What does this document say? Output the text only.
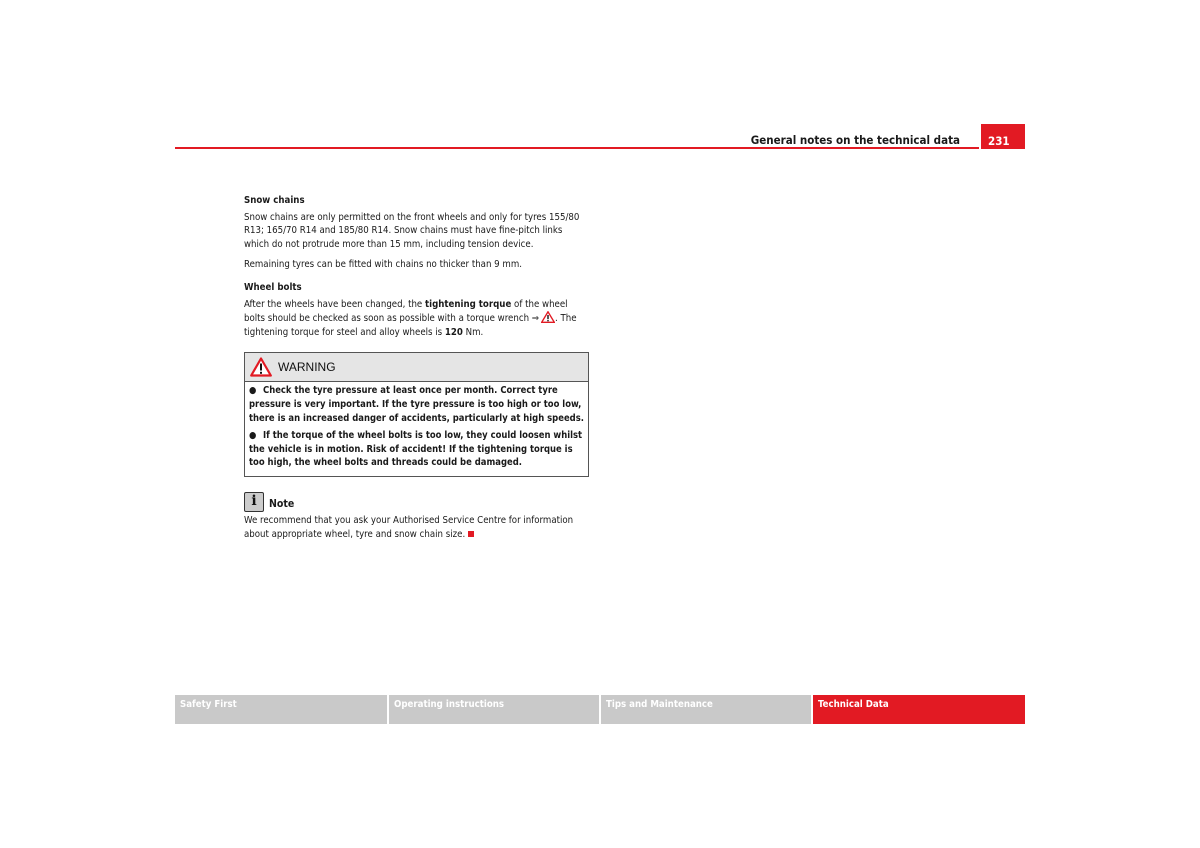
General notes on the technical data	231
Snow chains

Snow chains are only permitted on the front wheels and only for tyres 155/80 R13; 165/70 R14 and 185/80 R14. Snow chains must have fine-pitch links which do not protrude more than 15 mm, including tension device.

Remaining tyres can be fitted with chains no thicker than 9 mm.

Wheel bolts

After the wheels have been changed, the tightening torque of the wheel bolts should be checked as soon as possible with a torque wrench ⇒ . The tightening torque for steel and alloy wheels is 120 Nm.

WARNING

● Check the tyre pressure at least once per month. Correct tyre pressure is very important. If the tyre pressure is too high or too low, there is an increased danger of accidents, particularly at high speeds.

● If the torque of the wheel bolts is too low, they could loosen whilst the vehicle is in motion. Risk of accident! If the tightening torque is too high, the wheel bolts and threads could be damaged.

i Note

We recommend that you ask your Authorised Service Centre for information about appropriate wheel, tyre and snow chain size.

Safety First	Operating instructions	Tips and Maintenance	Technical Data
